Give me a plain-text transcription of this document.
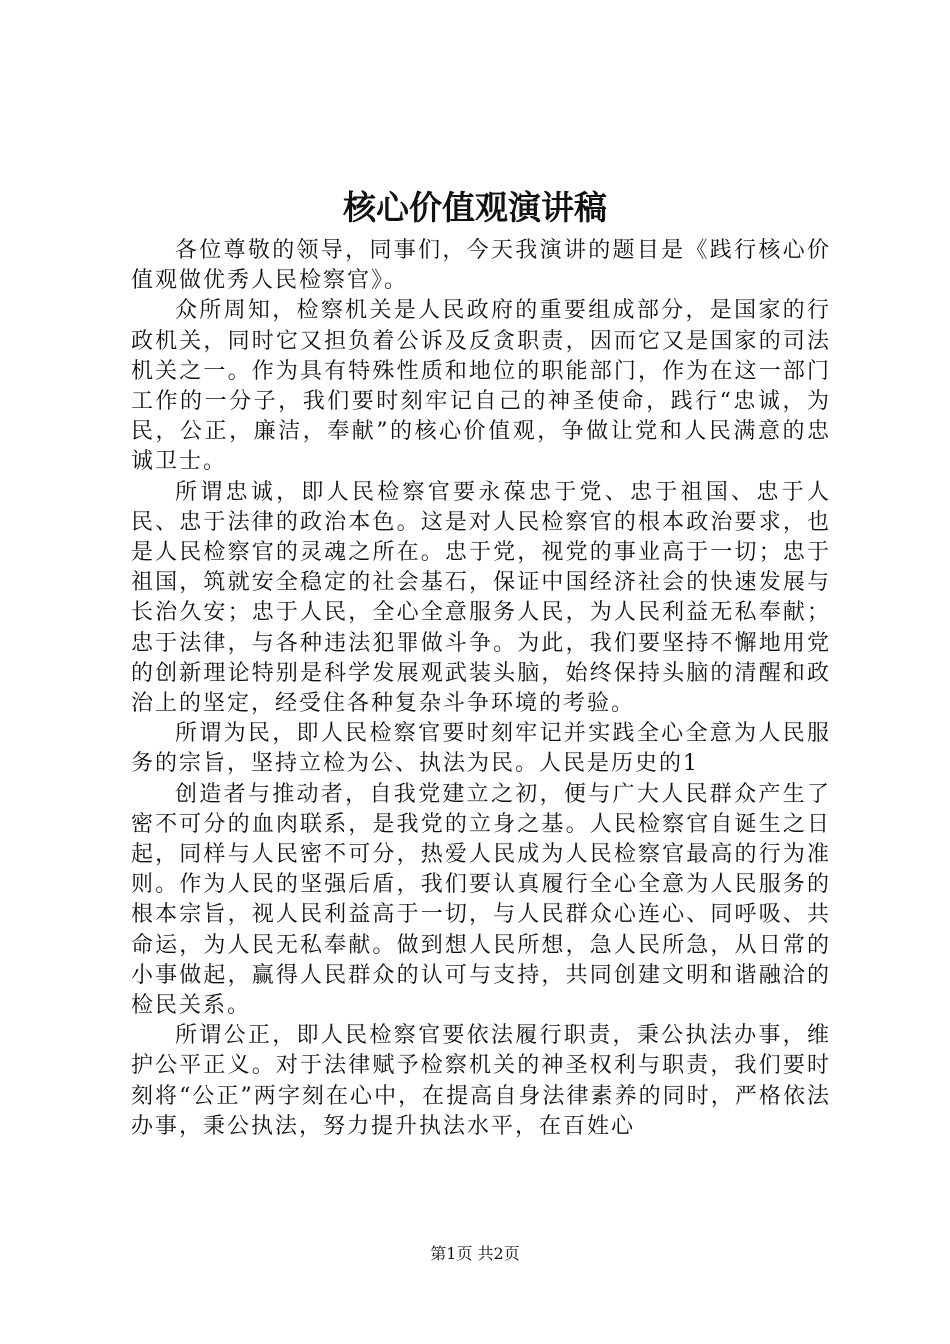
核心价值观演讲稿

各位尊敬的领导，同事们，今天我演讲的题目是《践行核心价值观做优秀人民检察官》。

众所周知，检察机关是人民政府的重要组成部分，是国家的行政机关，同时它又担负着公诉及反贪职责，因而它又是国家的司法机关之一。作为具有特殊性质和地位的职能部门，作为在这一部门工作的一分子，我们要时刻牢记自己的神圣使命，践行“忠诚，为民，公正，廉洁，奉献”的核心价值观，争做让党和人民满意的忠诚卫士。

所谓忠诚，即人民检察官要永葆忠于党、忠于祖国、忠于人民、忠于法律的政治本色。这是对人民检察官的根本政治要求，也是人民检察官的灵魂之所在。忠于党，视党的事业高于一切；忠于祖国，筑就安全稳定的社会基石，保证中国经济社会的快速发展与长治久安；忠于人民，全心全意服务人民，为人民利益无私奉献；忠于法律，与各种违法犯罪做斗争。为此，我们要坚持不懈地用党的创新理论特别是科学发展观武装头脑，始终保持头脑的清醒和政治上的坚定，经受住各种复杂斗争环境的考验。

所谓为民，即人民检察官要时刻牢记并实践全心全意为人民服务的宗旨，坚持立检为公、执法为民。人民是历史的1

创造者与推动者，自我党建立之初，便与广大人民群众产生了密不可分的血肉联系，是我党的立身之基。人民检察官自诞生之日起，同样与人民密不可分，热爱人民成为人民检察官最高的行为准则。作为人民的坚强后盾，我们要认真履行全心全意为人民服务的根本宗旨，视人民利益高于一切，与人民群众心连心、同呼吸、共命运，为人民无私奉献。做到想人民所想，急人民所急，从日常的小事做起，赢得人民群众的认可与支持，共同创建文明和谐融洽的检民关系。

所谓公正，即人民检察官要依法履行职责，秉公执法办事，维护公平正义。对于法律赋予检察机关的神圣权利与职责，我们要时刻将“公正”两字刻在心中，在提高自身法律素养的同时，严格依法办事，秉公执法，努力提升执法水平，在百姓心

第1页 共2页
